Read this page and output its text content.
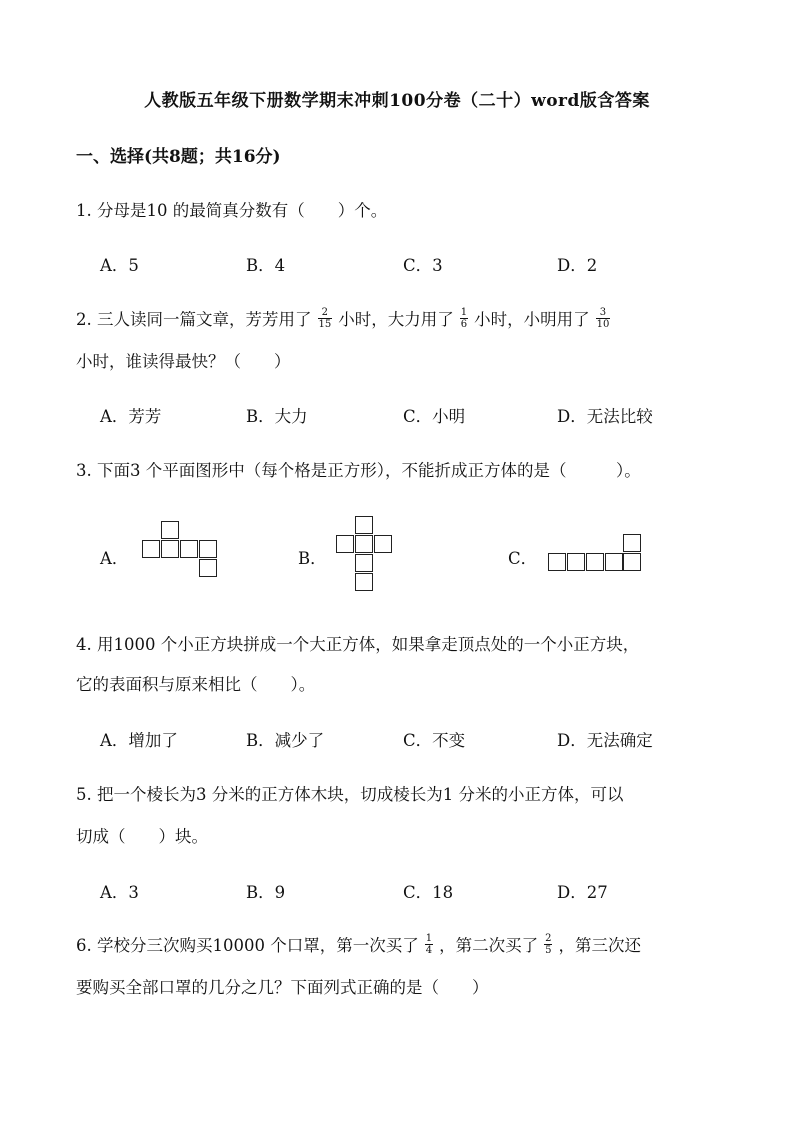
人教版五年级下册数学期末冲刺100分卷（二十）word版含答案
一、选择(共8题；共16分)
1. 分母是10 的最简真分数有（　　）个。
A．5	B．4	C．3	D．2
2. 三人读同一篇文章，芳芳用了 $\frac{2}{15}$ 小时，大力用了 $\frac{1}{6}$ 小时，小明用了 $\frac{3}{10}$
小时，谁读得最快？（　　）
A．芳芳	B．大力	C．小明	D．无法比较
3. 下面3 个平面图形中（每个格是正方形），不能折成正方体的是（　　　）。
A．	B．	C．
4. 用1000 个小正方块拼成一个大正方体，如果拿走顶点处的一个小正方块，
它的表面积与原来相比（　　）。
A．增加了	B．减少了	C．不变	D．无法确定
5. 把一个棱长为3 分米的正方体木块，切成棱长为1 分米的小正方体，可以
切成（　　）块。
A．3	B．9	C．18	D．27
6. 学校分三次购买10000 个口罩，第一次买了 $\frac{1}{4}$ ，第二次买了 $\frac{2}{5}$ ，第三次还
要购买全部口罩的几分之几？下面列式正确的是（　　）
